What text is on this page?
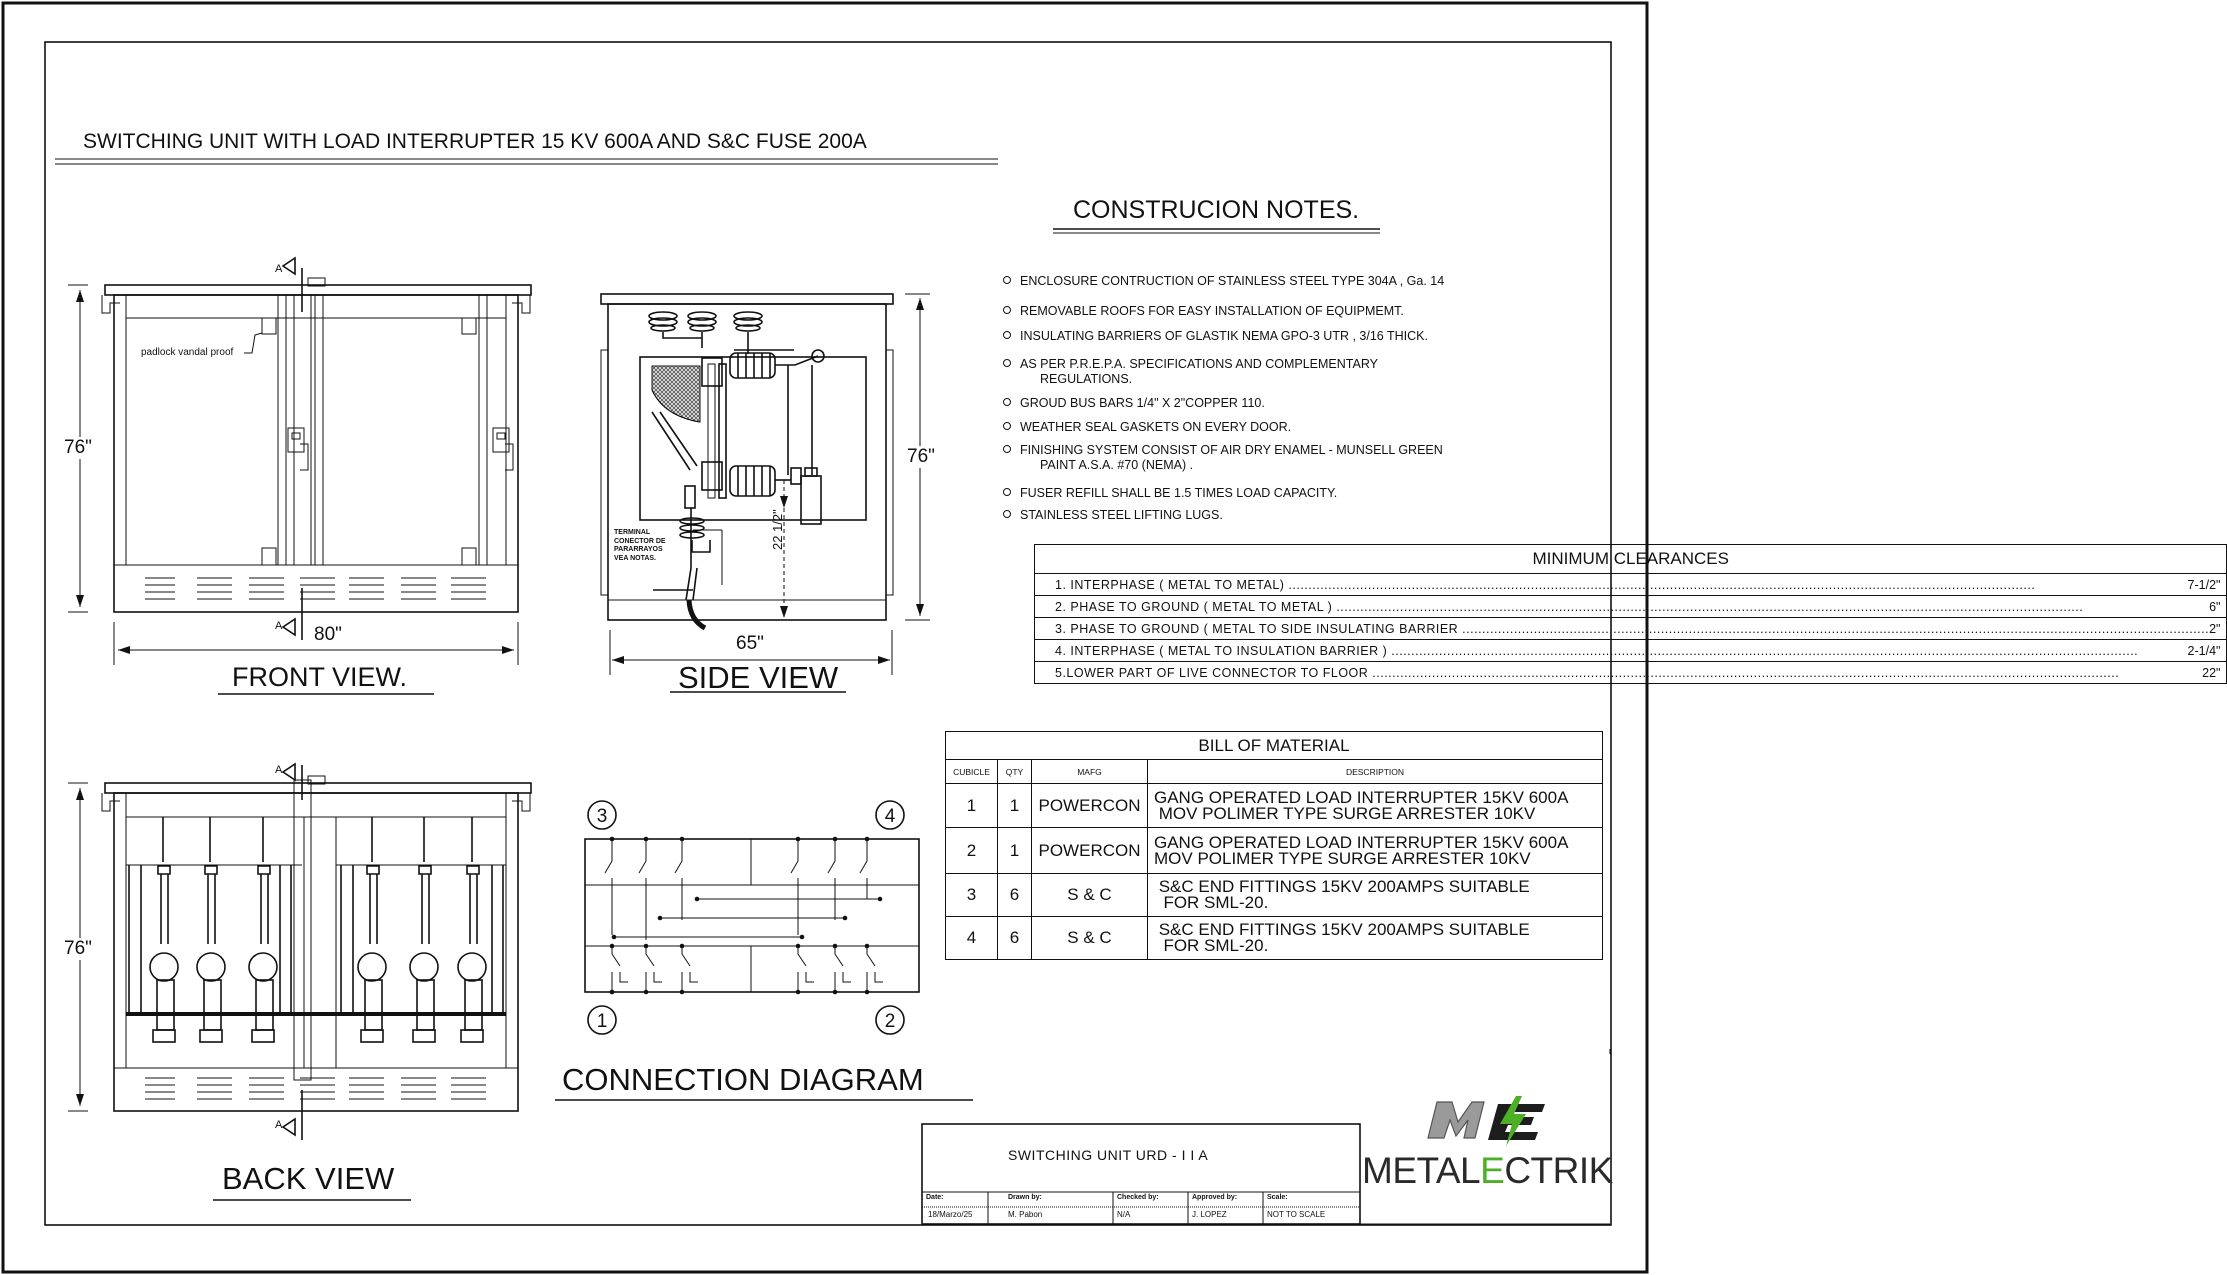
SWITCHING UNIT WITH LOAD INTERRUPTER 15 KV 600A AND S&C FUSE 200A
3	4
1	2
CONSTRUCION NOTES.
ENCLOSURE CONTRUCTION OF STAINLESS STEEL TYPE 304A , Ga. 14
REMOVABLE ROOFS FOR EASY INSTALLATION OF EQUIPMEMT.
INSULATING BARRIERS OF GLASTIK NEMA GPO-3 UTR , 3/16 THICK.
AS PER P.R.E.P.A. SPECIFICATIONS AND COMPLEMENTARY
REGULATIONS.
GROUD BUS BARS 1/4" X 2"COPPER 110.
WEATHER SEAL GASKETS ON EVERY DOOR.
FINISHING SYSTEM CONSIST OF AIR DRY ENAMEL - MUNSELL GREEN
PAINT A.S.A. #70 (NEMA) .
FUSER REFILL SHALL BE 1.5 TIMES LOAD CAPACITY.
STAINLESS STEEL LIFTING LUGS.
FRONT VIEW.	SIDE VIEW
BACK VIEW
CONNECTION DIAGRAM
76"
80"
76"
65"
76"
22 1/2"
padlock vandal proof
A
A
A
A
TERMINAL
CONECTOR DE
PARARRAYOS
VEA NOTAS.	MINIMUM CLEARANCES

1. INTERPHASE ( METAL TO METAL) .....	7-1/2"

2. PHASE TO GROUND ( METAL TO METAL ) .....	6"

3. PHASE TO GROUND ( METAL TO SIDE INSULATING BARRIER .....	2"

4. INTERPHASE ( METAL TO INSULATION BARRIER ) .....	2-1/4"

5.LOWER PART OF LIVE CONNECTOR TO FLOOR .....	22"
BILL OF MATERIAL			
CUBICLE	QTY	MAFG	DESCRIPTION
1	1	POWERCON	GANG OPERATED LOAD INTERRUPTER 15KV 600A
MOV POLIMER TYPE SURGE ARRESTER 10KV

2	1	POWERCON	GANG OPERATED LOAD INTERRUPTER 15KV 600A
MOV POLIMER TYPE SURGE ARRESTER 10KV

3	6	S & C	S&C END FITTINGS 15KV 200AMPS SUITABLE
FOR SML-20.

4	6	S & C	S&C END FITTINGS 15KV 200AMPS SUITABLE
FOR SML-20.
SWITCHING UNIT URD - I I A
Date:
18/Marzo/25
Drawn by:
M. Pabon
Checked by:
N/A
Approved by:
J. LOPEZ
Scale:
NOT TO SCALE
METALECTRIK
